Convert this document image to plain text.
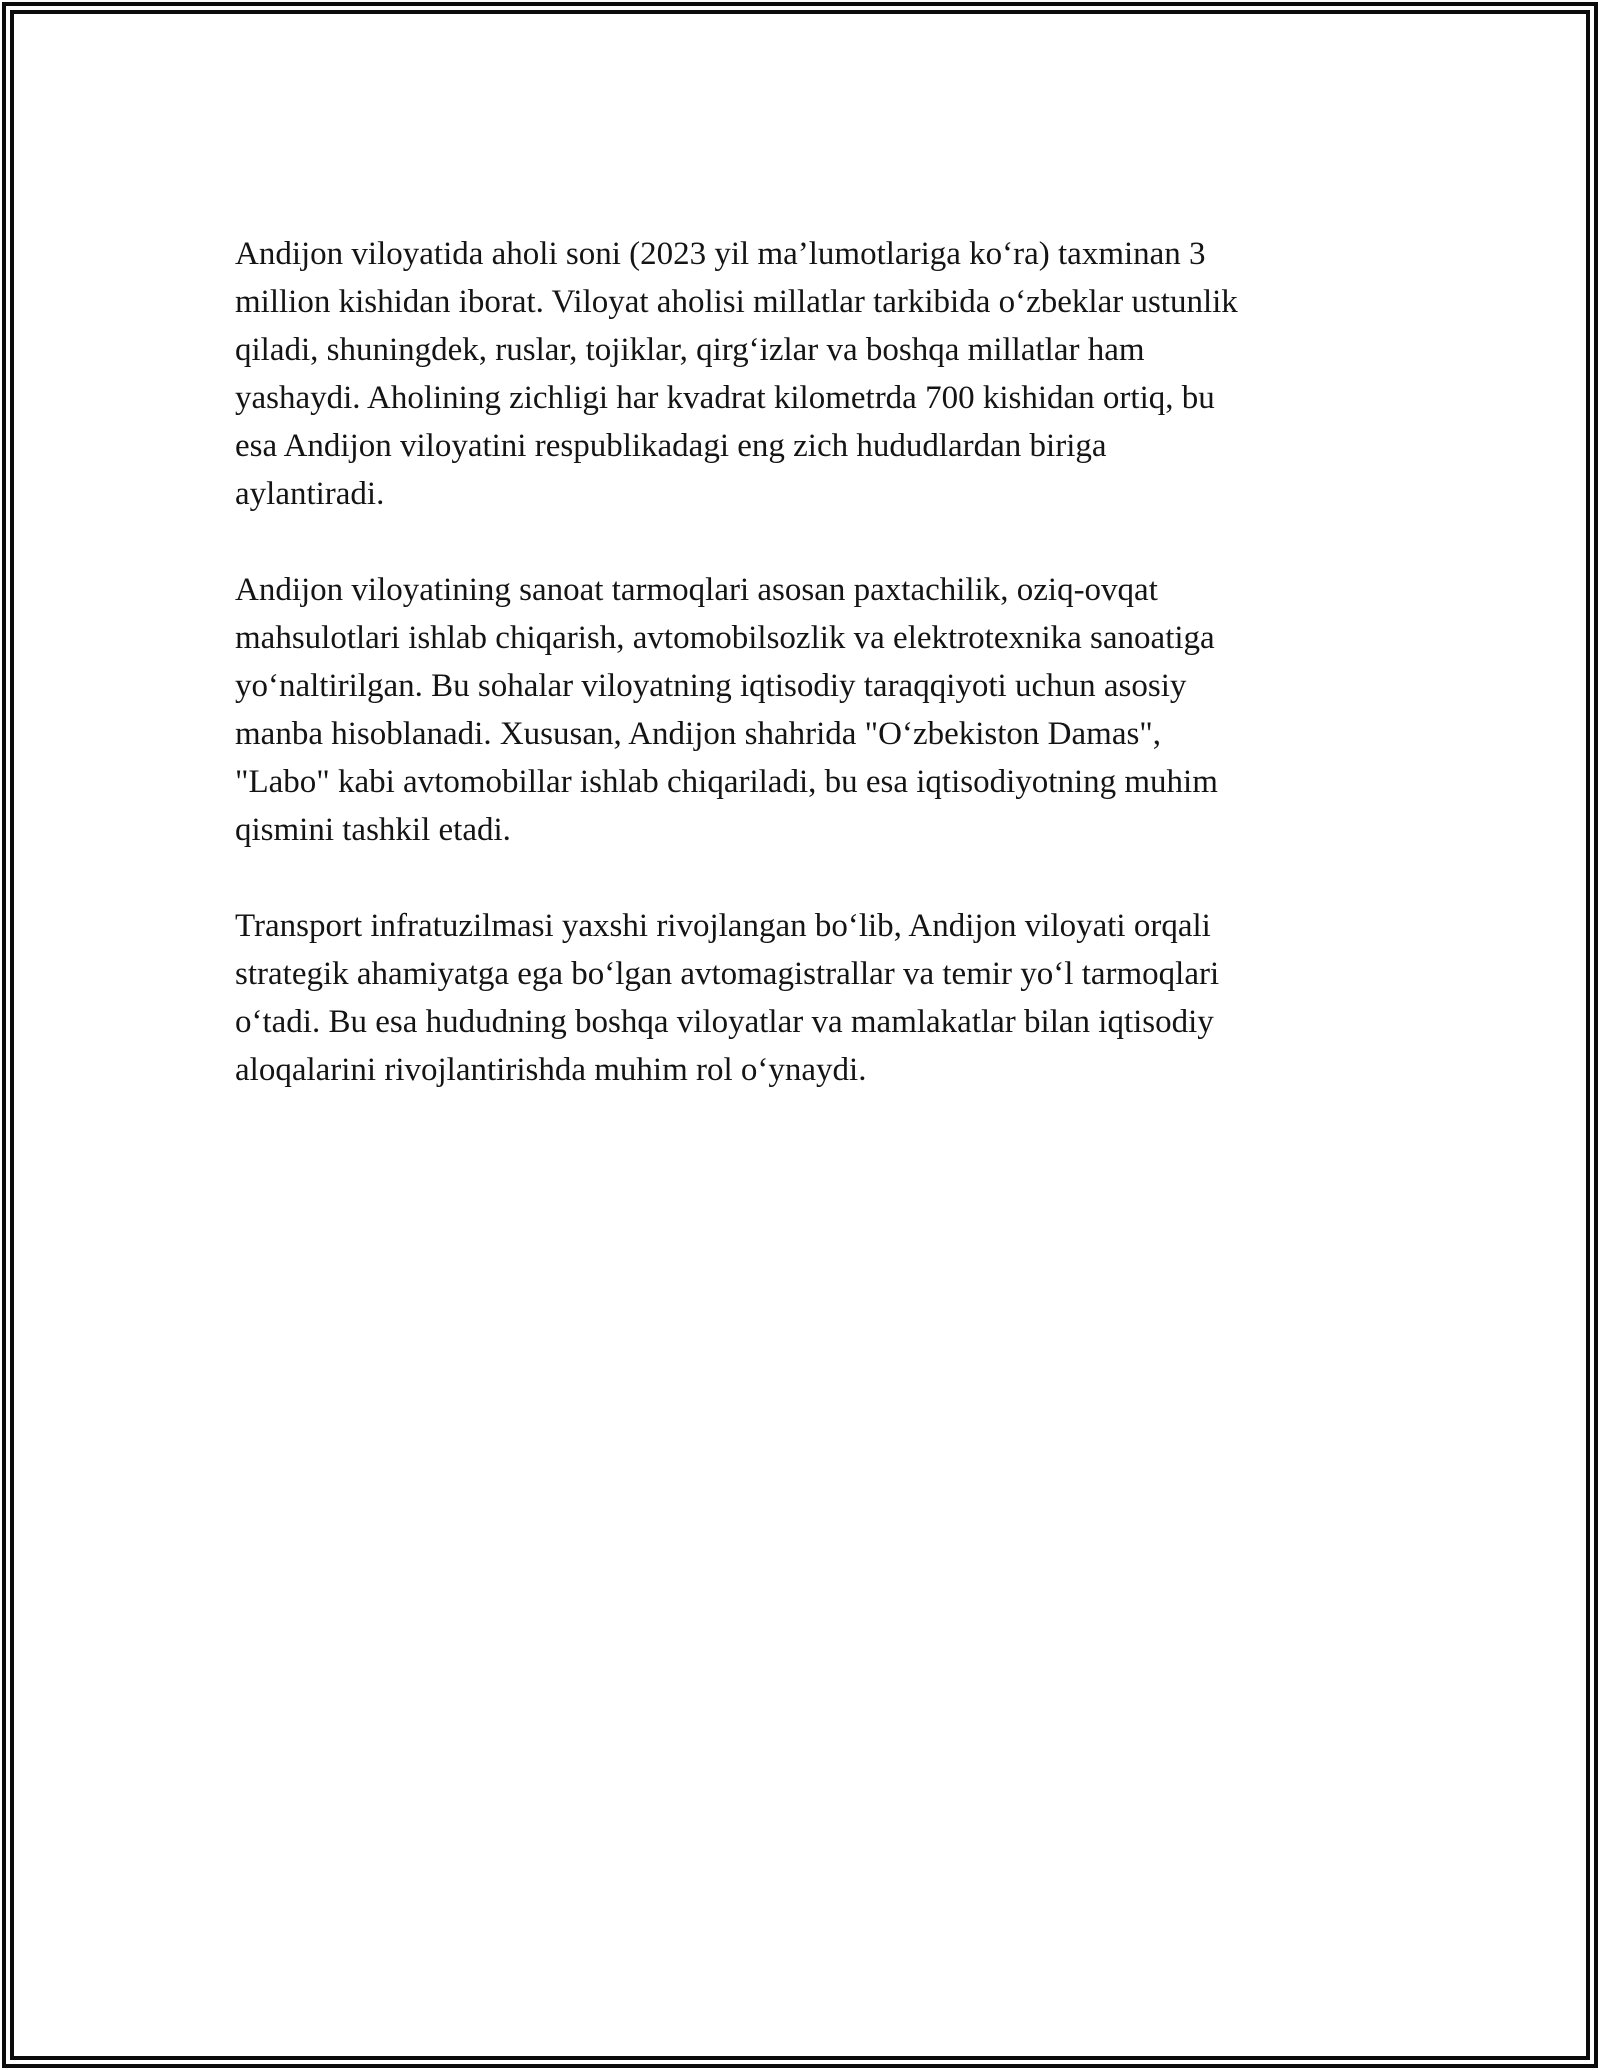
Andijon viloyatida aholi soni (2023 yil ma’lumotlariga ko‘ra) taxminan 3
million kishidan iborat. Viloyat aholisi millatlar tarkibida o‘zbeklar ustunlik
qiladi, shuningdek, ruslar, tojiklar, qirg‘izlar va boshqa millatlar ham
yashaydi. Aholining zichligi har kvadrat kilometrda 700 kishidan ortiq, bu
esa Andijon viloyatini respublikadagi eng zich hududlardan biriga
aylantiradi.
Andijon viloyatining sanoat tarmoqlari asosan paxtachilik, oziq-ovqat
mahsulotlari ishlab chiqarish, avtomobilsozlik va elektrotexnika sanoatiga
yo‘naltirilgan. Bu sohalar viloyatning iqtisodiy taraqqiyoti uchun asosiy
manba hisoblanadi. Xususan, Andijon shahrida "O‘zbekiston Damas",
"Labo" kabi avtomobillar ishlab chiqariladi, bu esa iqtisodiyotning muhim
qismini tashkil etadi.
Transport infratuzilmasi yaxshi rivojlangan bo‘lib, Andijon viloyati orqali
strategik ahamiyatga ega bo‘lgan avtomagistrallar va temir yo‘l tarmoqlari
o‘tadi. Bu esa hududning boshqa viloyatlar va mamlakatlar bilan iqtisodiy
aloqalarini rivojlantirishda muhim rol o‘ynaydi.
